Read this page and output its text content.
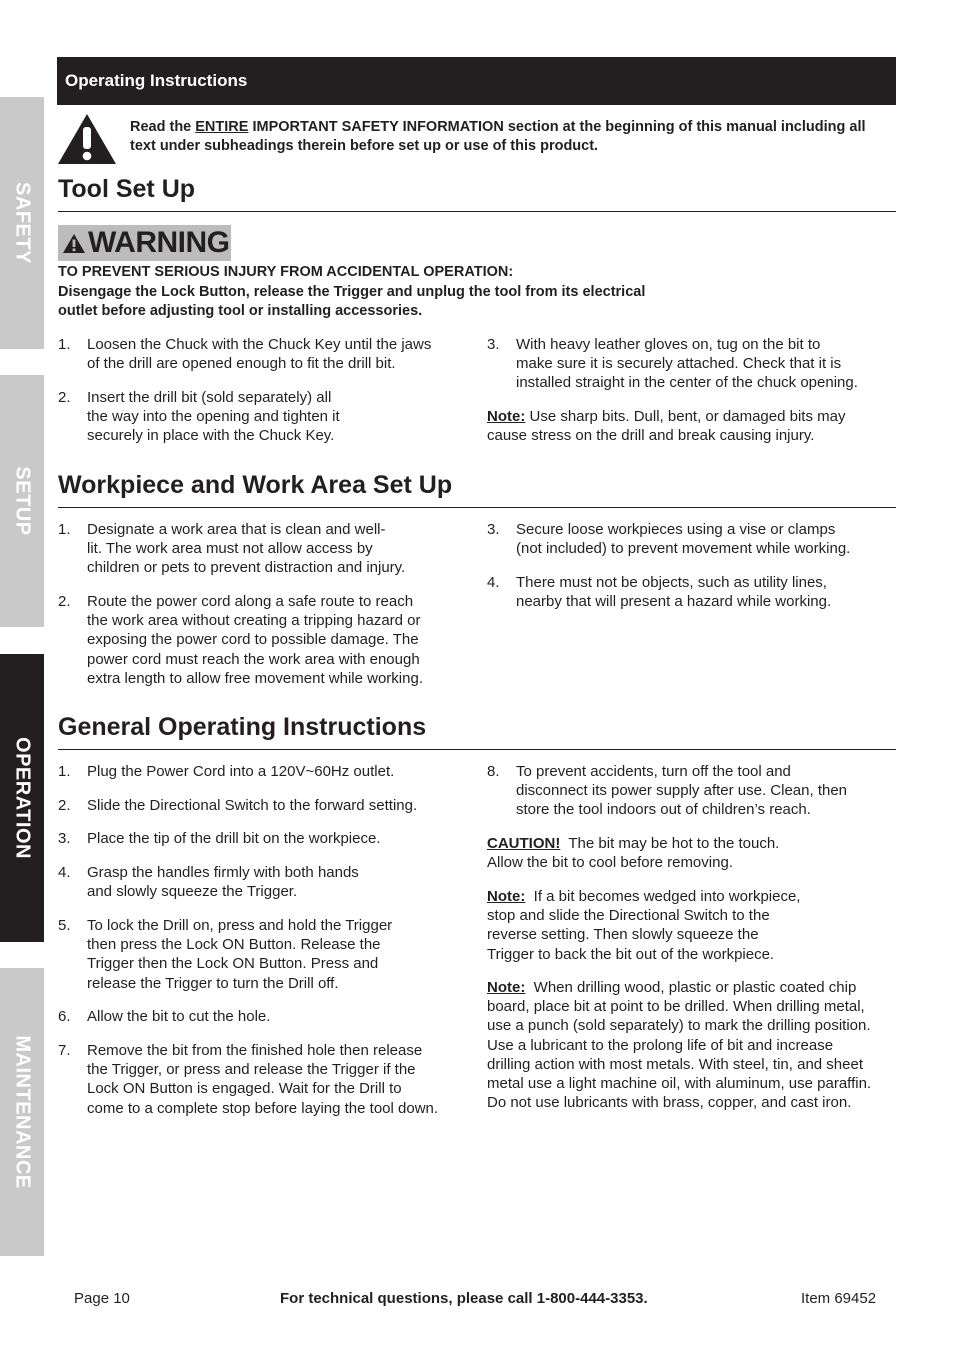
SAFETY
SETUP
OPERATION
MAINTENANCE
Operating Instructions
Read the ENTIRE IMPORTANT SAFETY INFORMATION section at the beginning of this manual including all text under subheadings therein before set up or use of this product.
Tool Set Up
WARNING
TO PREVENT SERIOUS INJURY FROM ACCIDENTAL OPERATION:
Disengage the Lock Button, release the Trigger and unplug the tool from its electrical outlet before adjusting tool or installing accessories.
1. Loosen the Chuck with the Chuck Key until the jaws
of the drill are opened enough to fit the drill bit.
2. Insert the drill bit (sold separately) all
the way into the opening and tighten it
securely in place with the Chuck Key.
3. With heavy leather gloves on, tug on the bit to
make sure it is securely attached. Check that it is
installed straight in the center of the chuck opening.
Note: Use sharp bits. Dull, bent, or damaged bits may
cause stress on the drill and break causing injury.
Workpiece and Work Area Set Up
1. Designate a work area that is clean and well-
lit. The work area must not allow access by
children or pets to prevent distraction and injury.
2. Route the power cord along a safe route to reach
the work area without creating a tripping hazard or
exposing the power cord to possible damage. The
power cord must reach the work area with enough
extra length to allow free movement while working.
3. Secure loose workpieces using a vise or clamps
(not included) to prevent movement while working.
4. There must not be objects, such as utility lines,
nearby that will present a hazard while working.
General Operating Instructions
1. Plug the Power Cord into a 120V~60Hz outlet.
2. Slide the Directional Switch to the forward setting.
3. Place the tip of the drill bit on the workpiece.
4. Grasp the handles firmly with both hands
and slowly squeeze the Trigger.
5. To lock the Drill on, press and hold the Trigger
then press the Lock ON Button. Release the
Trigger then the Lock ON Button. Press and
release the Trigger to turn the Drill off.
6. Allow the bit to cut the hole.
7. Remove the bit from the finished hole then release
the Trigger, or press and release the Trigger if the
Lock ON Button is engaged. Wait for the Drill to
come to a complete stop before laying the tool down.
8. To prevent accidents, turn off the tool and
disconnect its power supply after use. Clean, then
store the tool indoors out of children’s reach.
CAUTION!  The bit may be hot to the touch.
Allow the bit to cool before removing.
Note:  If a bit becomes wedged into workpiece,
stop and slide the Directional Switch to the
reverse setting. Then slowly squeeze the
Trigger to back the bit out of the workpiece.
Note:  When drilling wood, plastic or plastic coated chip
board, place bit at point to be drilled. When drilling metal,
use a punch (sold separately) to mark the drilling position.
Use a lubricant to the prolong life of bit and increase
drilling action with most metals. With steel, tin, and sheet
metal use a light machine oil, with aluminum, use paraffin.
Do not use lubricants with brass, copper, and cast iron.
Page 10	For technical questions, please call 1-800-444-3353.	Item 69452
